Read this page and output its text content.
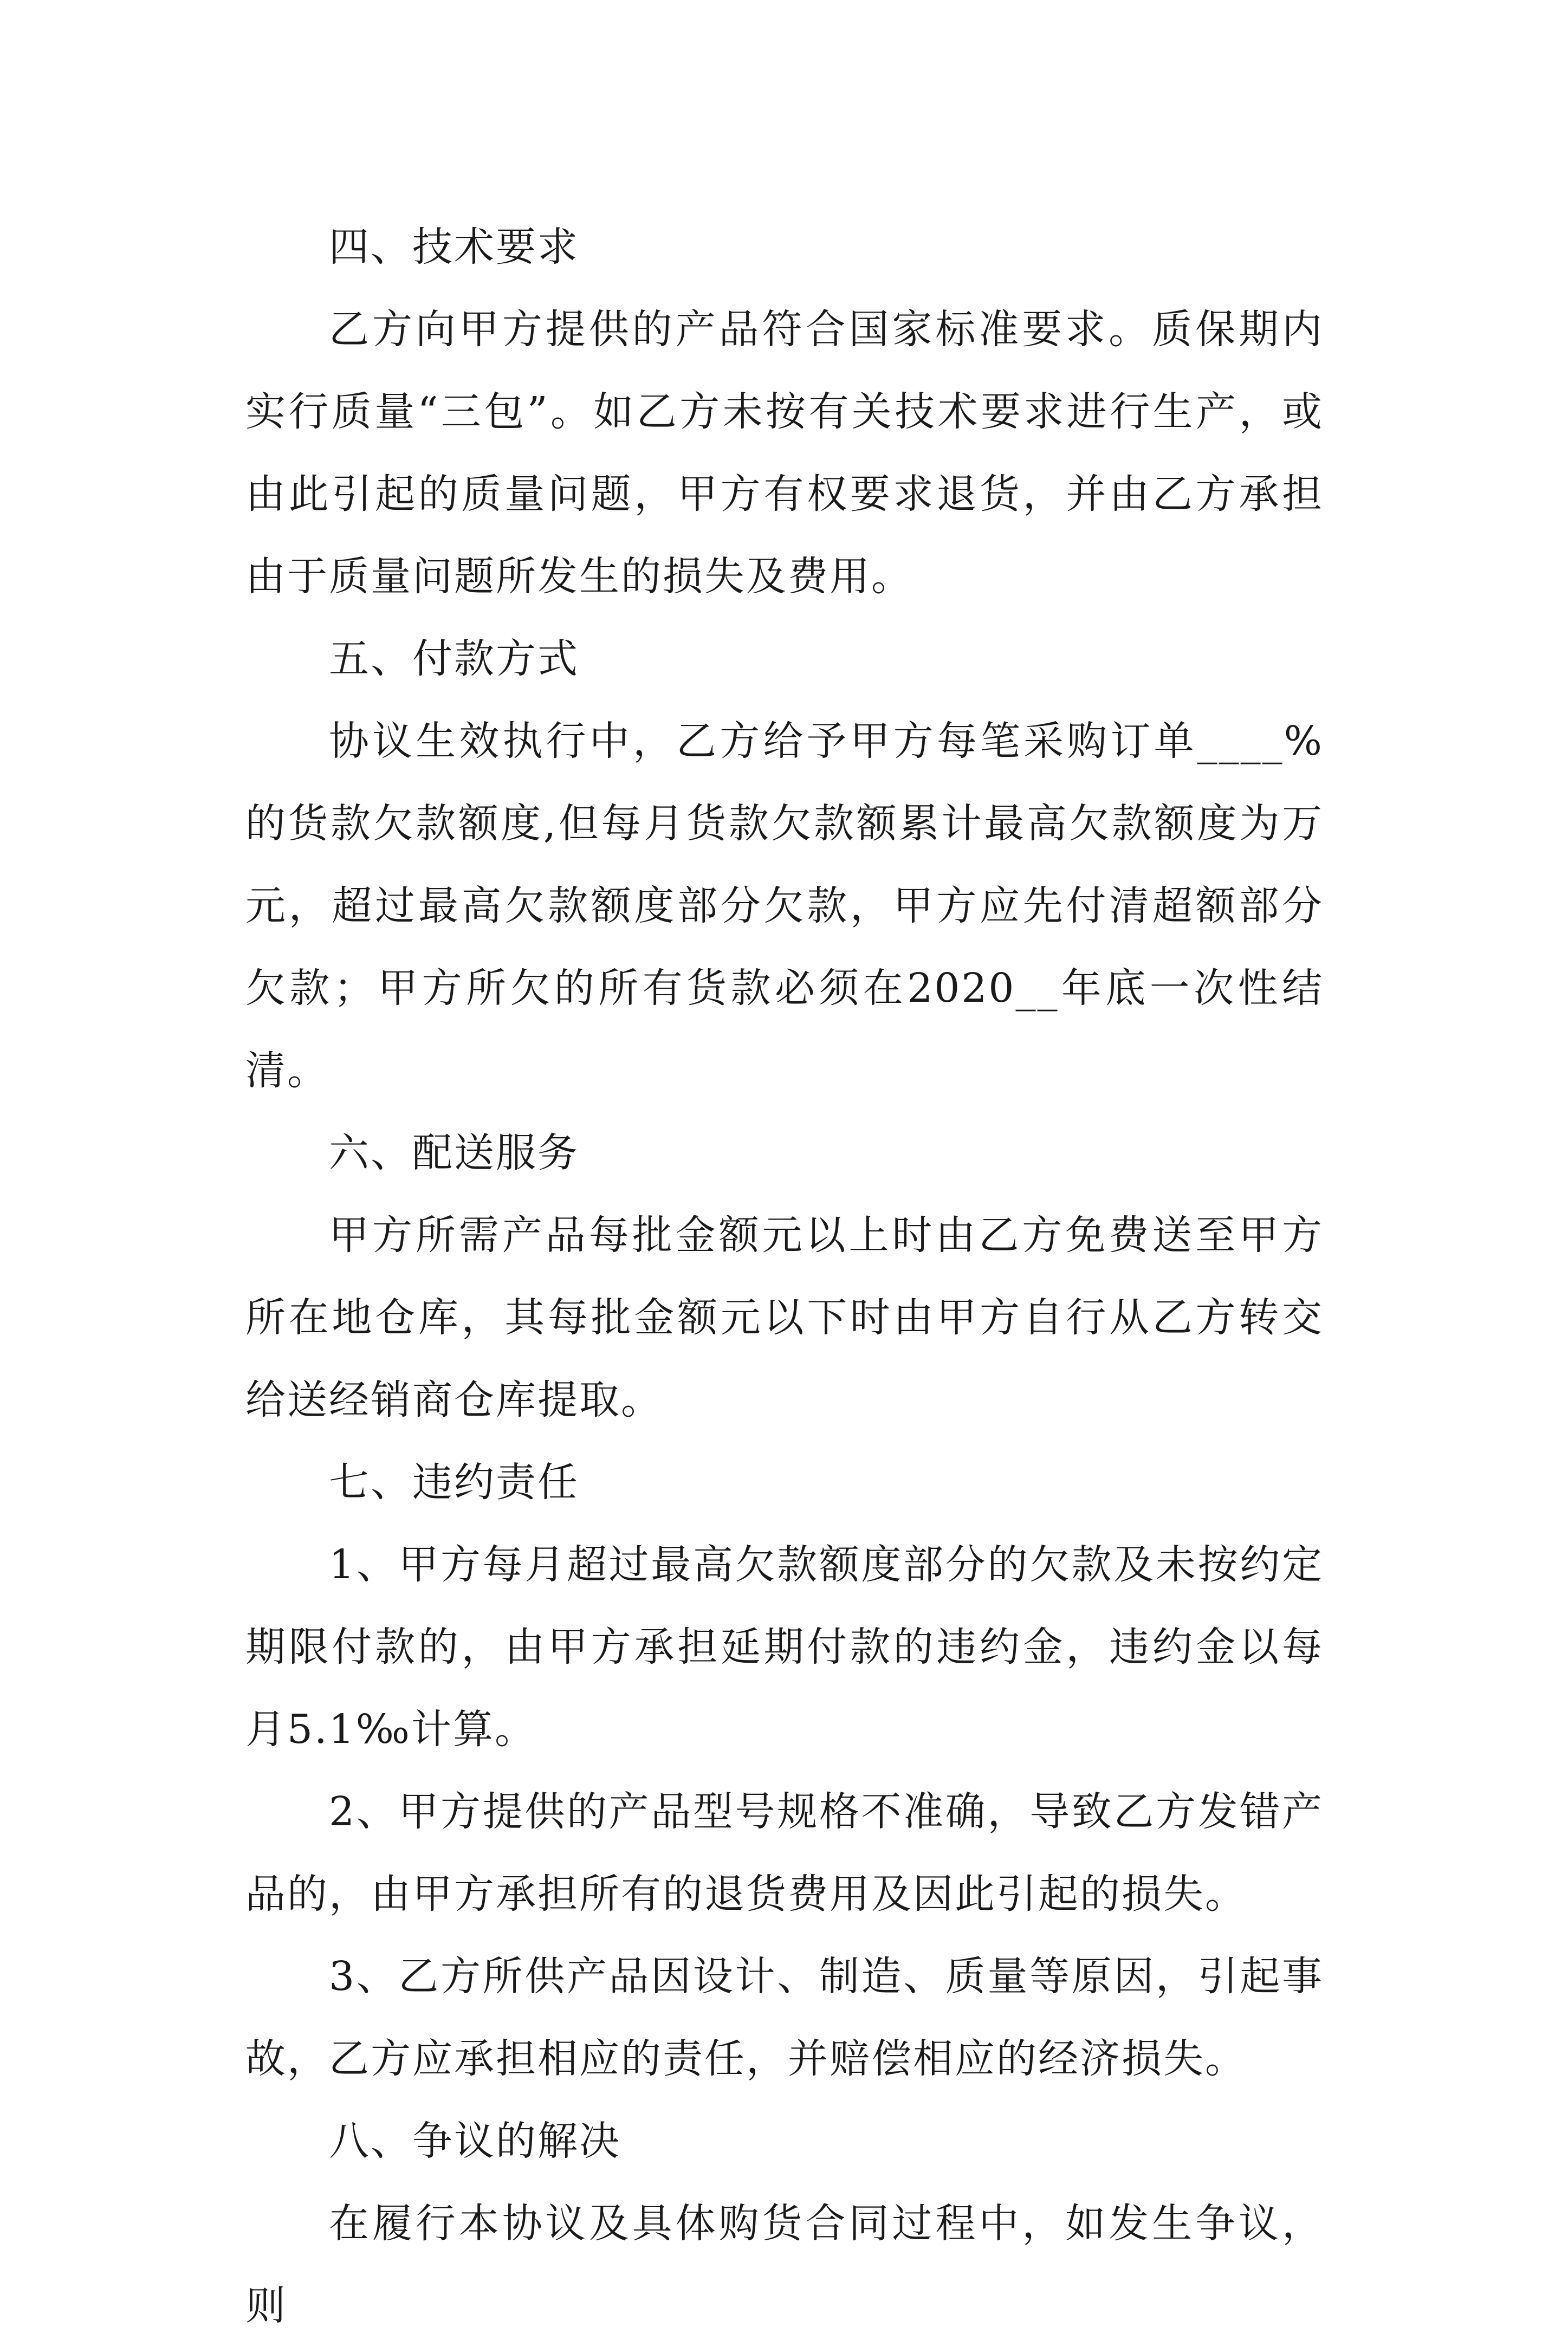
四、技术要求

乙方向甲方提供的产品符合国家标准要求。质保期内实行质量“三包”。如乙方未按有关技术要求进行生产，或由此引起的质量问题，甲方有权要求退货，并由乙方承担由于质量问题所发生的损失及费用。

五、付款方式

协议生效执行中，乙方给予甲方每笔采购订单____%的货款欠款额度,但每月货款欠款额累计最高欠款额度为万元，超过最高欠款额度部分欠款，甲方应先付清超额部分欠款；甲方所欠的所有货款必须在2020__年底一次性结清。

六、配送服务

甲方所需产品每批金额元以上时由乙方免费送至甲方所在地仓库，其每批金额元以下时由甲方自行从乙方转交给送经销商仓库提取。

七、违约责任

1、甲方每月超过最高欠款额度部分的欠款及未按约定期限付款的，由甲方承担延期付款的违约金，违约金以每月5.1‰计算。

2、甲方提供的产品型号规格不准确，导致乙方发错产品的，由甲方承担所有的退货费用及因此引起的损失。

3、乙方所供产品因设计、制造、质量等原因，引起事故，乙方应承担相应的责任，并赔偿相应的经济损失。

八、争议的解决

在履行本协议及具体购货合同过程中，如发生争议，则
